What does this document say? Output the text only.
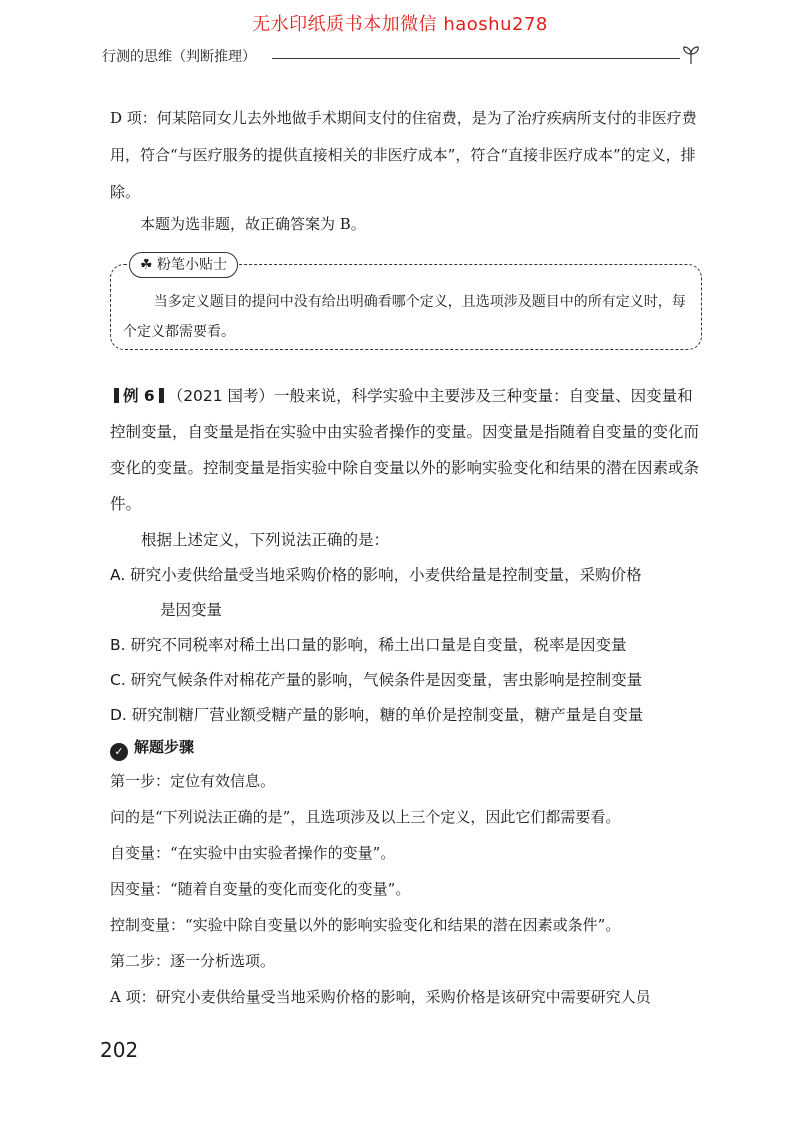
无水印纸质书本加微信 haoshu278
行测的思维（判断推理）
D 项：何某陪同女儿去外地做手术期间支付的住宿费，是为了治疗疾病所支付的非医疗费用，符合“与医疗服务的提供直接相关的非医疗成本”，符合“直接非医疗成本”的定义，排除。
本题为选非题，故正确答案为 B。
☘ 粉笔小贴士
当多定义题目的提问中没有给出明确看哪个定义，且选项涉及题目中的所有定义时，每个定义都需要看。
例 6 （2021 国考）一般来说，科学实验中主要涉及三种变量：自变量、因变量和控制变量，自变量是指在实验中由实验者操作的变量。因变量是指随着自变量的变化而变化的变量。控制变量是指实验中除自变量以外的影响实验变化和结果的潜在因素或条件。
根据上述定义，下列说法正确的是：
A. 研究小麦供给量受当地采购价格的影响，小麦供给量是控制变量，采购价格
是因变量
B. 研究不同税率对稀土出口量的影响，稀土出口量是自变量，税率是因变量
C. 研究气候条件对棉花产量的影响，气候条件是因变量，害虫影响是控制变量
D. 研究制糖厂营业额受糖产量的影响，糖的单价是控制变量，糖产量是自变量
✓ 解题步骤
第一步：定位有效信息。
问的是“下列说法正确的是”，且选项涉及以上三个定义，因此它们都需要看。
自变量：“在实验中由实验者操作的变量”。
因变量：“随着自变量的变化而变化的变量”。
控制变量：“实验中除自变量以外的影响实验变化和结果的潜在因素或条件”。
第二步：逐一分析选项。
A 项：研究小麦供给量受当地采购价格的影响，采购价格是该研究中需要研究人员
202
